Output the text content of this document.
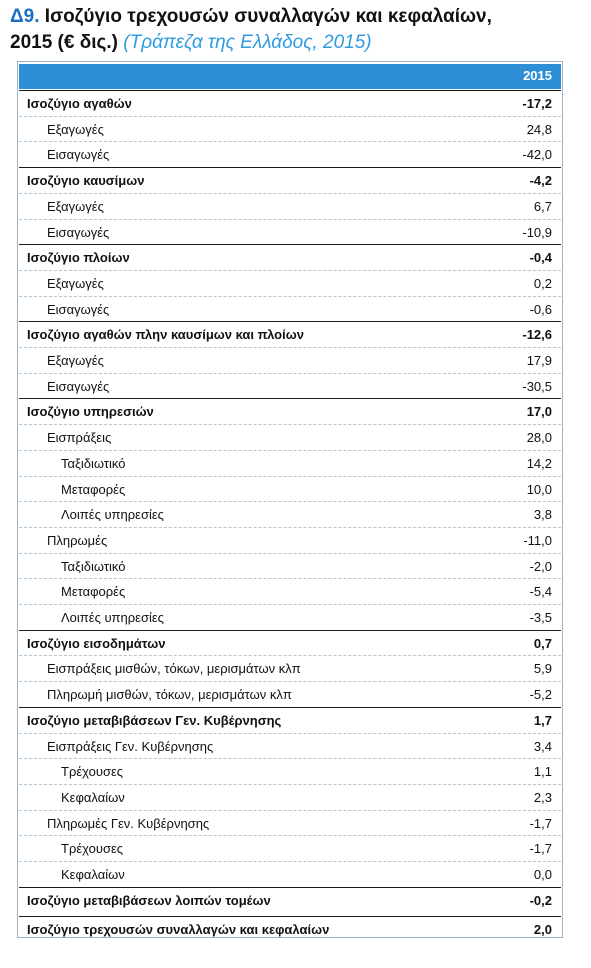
Δ9. Ισοζύγιο τρεχουσών συναλλαγών και κεφαλαίων,
2015 (€ δις.) (Τράπεζα της Ελλάδος, 2015)
2015
Ισοζύγιο αγαθών	-17,2
Εξαγωγές	24,8
Εισαγωγές	-42,0
Ισοζύγιο καυσίμων	-4,2
Εξαγωγές	6,7
Εισαγωγές	-10,9
Ισοζύγιο πλοίων	-0,4
Εξαγωγές	0,2
Εισαγωγές	-0,6
Ισοζύγιο αγαθών πλην καυσίμων και πλοίων	-12,6
Εξαγωγές	17,9
Εισαγωγές	-30,5
Ισοζύγιο υπηρεσιών	17,0
Εισπράξεις	28,0
Ταξιδιωτικό	14,2
Μεταφορές	10,0
Λοιπές υπηρεσίες	3,8
Πληρωμές	-11,0
Ταξιδιωτικό	-2,0
Μεταφορές	-5,4
Λοιπές υπηρεσίες	-3,5
Ισοζύγιο εισοδημάτων	0,7
Εισπράξεις μισθών, τόκων, μερισμάτων κλπ	5,9
Πληρωμή μισθών, τόκων, μερισμάτων κλπ	-5,2
Ισοζύγιο μεταβιβάσεων Γεν. Κυβέρνησης	1,7
Εισπράξεις Γεν. Κυβέρνησης	3,4
Τρέχουσες	1,1
Κεφαλαίων	2,3
Πληρωμές Γεν. Κυβέρνησης	-1,7
Τρέχουσες	-1,7
Κεφαλαίων	0,0
Ισοζύγιο μεταβιβάσεων λοιπών τομέων	-0,2
Ισοζύγιο τρεχουσών συναλλαγών και κεφαλαίων	2,0
